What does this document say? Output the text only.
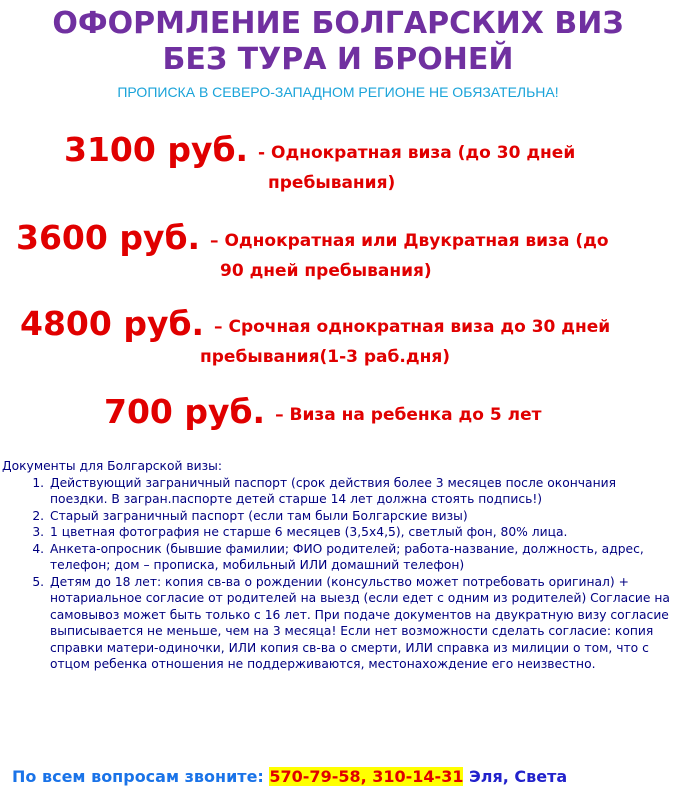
ОФОРМЛЕНИЕ БОЛГАРСКИХ ВИЗ
БЕЗ ТУРА И БРОНЕЙ
ПРОПИСКА В СЕВЕРО-ЗАПАДНОМ РЕГИОНЕ НЕ ОБЯЗАТЕЛЬНА!
3100 руб. - Однократная виза (до 30 дней
пребывания)
3600 руб. – Однократная или Двукратная виза (до
90 дней пребывания)
4800 руб. – Срочная однократная виза до 30 дней
пребывания(1-3 раб.дня)
700 руб. – Виза на ребенка до 5 лет
Документы для Болгарской визы:
1. Действующий заграничный паспорт (срок действия более 3 месяцев после окончания поездки. В загран.паспорте детей старше 14 лет должна стоять подпись!)
2. Старый заграничный паспорт (если там были Болгарские визы)
3. 1 цветная фотография не старше 6 месяцев (3,5х4,5), светлый фон, 80% лица.
4. Анкета-опросник (бывшие фамилии; ФИО родителей; работа-название, должность, адрес, телефон; дом – прописка, мобильный ИЛИ домашний телефон)
5. Детям до 18 лет: копия св-ва о рождении (консульство может потребовать оригинал) + нотариальное согласие от родителей на выезд (если едет с одним из родителей) Согласие на самовывоз может быть только с 16 лет. При подаче документов на двукратную визу согласие выписывается не меньше, чем на 3 месяца! Если нет возможности сделать согласие: копия справки матери-одиночки, ИЛИ копия св-ва о смерти, ИЛИ справка из милиции о том, что с отцом ребенка отношения не поддерживаются, местонахождение его неизвестно.
По всем вопросам звоните: 570-79-58, 310-14-31 Эля, Света
